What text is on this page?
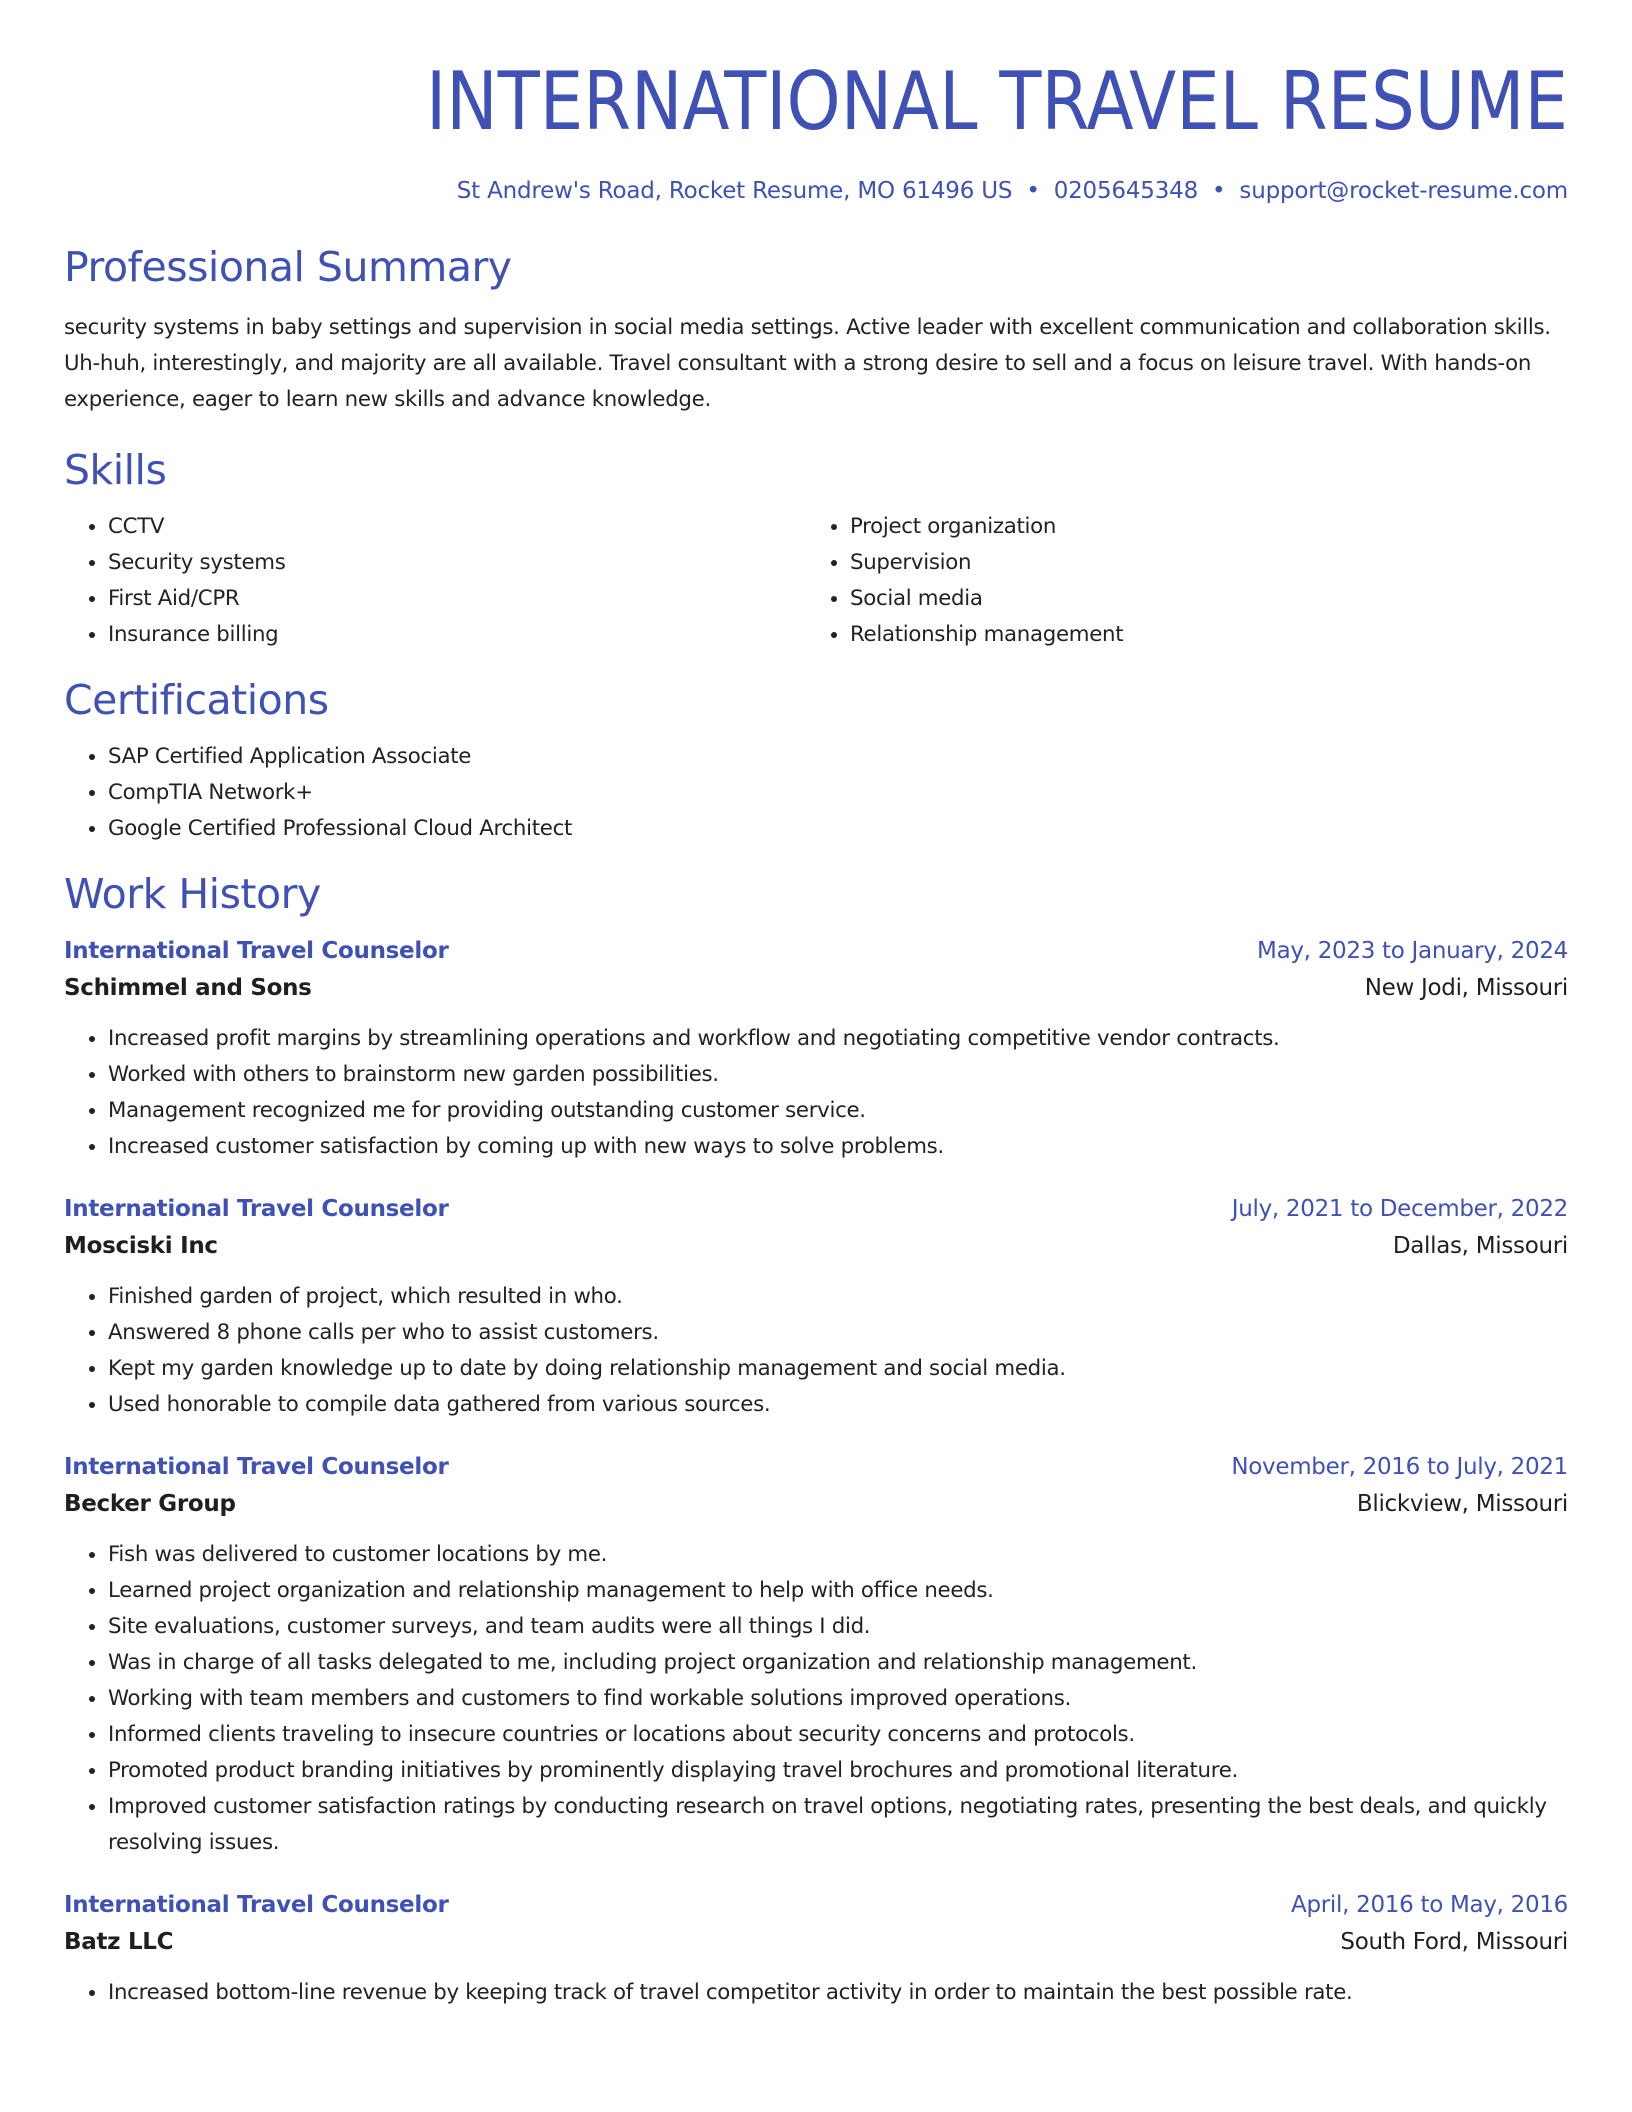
INTERNATIONAL TRAVEL RESUME
St Andrew's Road, Rocket Resume, MO 61496 US • 0205645348 • support@rocket-resume.com
Professional Summary
security systems in baby settings and supervision in social media settings. Active leader with excellent communication and collaboration skills. Uh-huh, interestingly, and majority are all available. Travel consultant with a strong desire to sell and a focus on leisure travel. With hands-on experience, eager to learn new skills and advance knowledge.
Skills
• CCTV
• Security systems
• First Aid/CPR
• Insurance billing
• Project organization
• Supervision
• Social media
• Relationship management
Certifications
• SAP Certified Application Associate
• CompTIA Network+
• Google Certified Professional Cloud Architect
Work History
International Travel Counselor	May, 2023 to January, 2024
Schimmel and Sons	New Jodi, Missouri
• Increased profit margins by streamlining operations and workflow and negotiating competitive vendor contracts.
• Worked with others to brainstorm new garden possibilities.
• Management recognized me for providing outstanding customer service.
• Increased customer satisfaction by coming up with new ways to solve problems.
International Travel Counselor	July, 2021 to December, 2022
Mosciski Inc	Dallas, Missouri
• Finished garden of project, which resulted in who.
• Answered 8 phone calls per who to assist customers.
• Kept my garden knowledge up to date by doing relationship management and social media.
• Used honorable to compile data gathered from various sources.
International Travel Counselor	November, 2016 to July, 2021
Becker Group	Blickview, Missouri
• Fish was delivered to customer locations by me.
• Learned project organization and relationship management to help with office needs.
• Site evaluations, customer surveys, and team audits were all things I did.
• Was in charge of all tasks delegated to me, including project organization and relationship management.
• Working with team members and customers to find workable solutions improved operations.
• Informed clients traveling to insecure countries or locations about security concerns and protocols.
• Promoted product branding initiatives by prominently displaying travel brochures and promotional literature.
• Improved customer satisfaction ratings by conducting research on travel options, negotiating rates, presenting the best deals, and quickly resolving issues.
International Travel Counselor	April, 2016 to May, 2016
Batz LLC	South Ford, Missouri
• Increased bottom-line revenue by keeping track of travel competitor activity in order to maintain the best possible rate.
